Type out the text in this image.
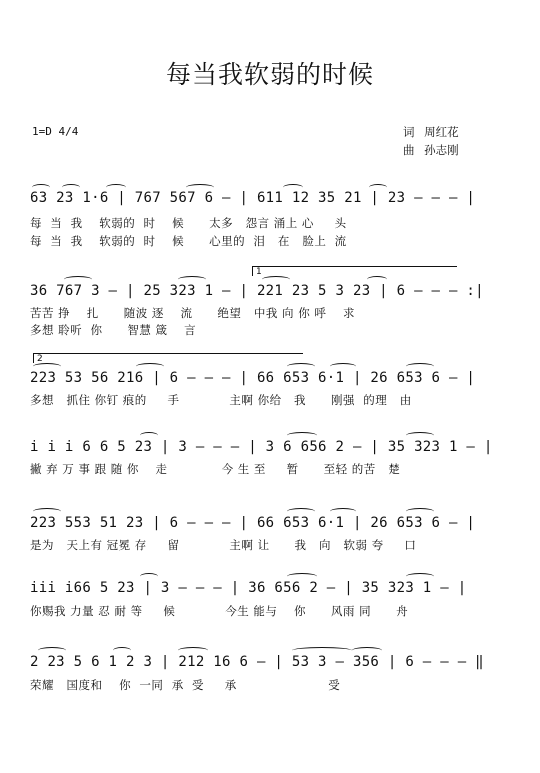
每当我软弱的时候
1=D 4/4	词 周红花
曲 孙志刚
63 23 1·6 | 767 567 6 — | 611 12 35 21 | 23 — — — |
每  当  我    软弱的  时    候      太多   怨言 涌上 心     头
每  当  我    软弱的  时    候      心里的  泪   在   脸上  流
1
36 767 3 — | 25 323 1 — | 221 23 5 3 23 | 6 — — — :|
苦苦 挣    扎      随波 逐    流      绝望   中我 向 你 呼    求
多想 聆听  你      智慧 箴    言
2
223 53 56 216 | 6 — — — | 66 653 6·1 | 26 653 6 — |
多想   抓住 你钉 痕的     手            主啊 你给   我      刚强  的理   由
i i i 6 6 5 23 | 3 — — — | 3 6 656 2 — | 35 323 1 — |
撇 弃 万 事 跟 随 你    走             今 生 至     暂      至轻 的苦   楚
223 553 51 23 | 6 — — — | 66 653 6·1 | 26 653 6 — |
是为   天上有 冠冕 存     留            主啊 让      我   向   软弱 夸     口
iii i66 5 23 | 3 — — — | 36 656 2 — | 35 323 1 — |
你赐我 力量 忍 耐 等     候            今生 能与    你      风雨 同      舟
2 23 5 6 1 2 3 | 212 16 6 — | 53 3 — 356 | 6 — — — ‖
荣耀   国度和    你  一同  承  受     承                      受
